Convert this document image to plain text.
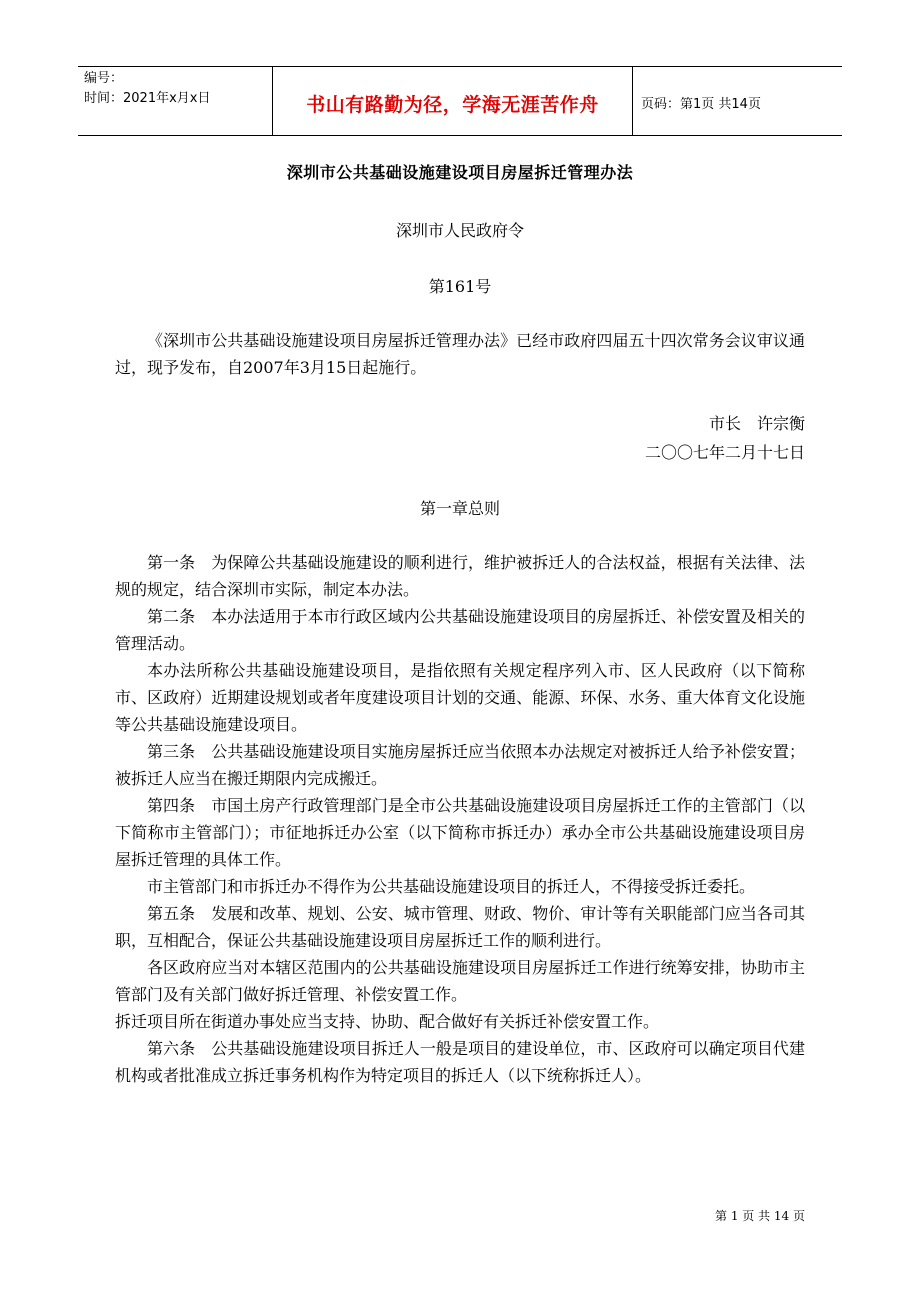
编号：
时间：2021年x月x日	书山有路勤为径，学海无涯苦作舟	页码：第1页 共14页
深圳市公共基础设施建设项目房屋拆迁管理办法
深圳市人民政府令
第161号

《深圳市公共基础设施建设项目房屋拆迁管理办法》已经市政府四届五十四次常务会议审议通过，现予发布，自2007年3月15日起施行。

市长　许宗衡
二〇〇七年二月十七日
第一章总则

第一条　为保障公共基础设施建设的顺利进行，维护被拆迁人的合法权益，根据有关法律、法规的规定，结合深圳市实际，制定本办法。

第二条　本办法适用于本市行政区域内公共基础设施建设项目的房屋拆迁、补偿安置及相关的管理活动。

本办法所称公共基础设施建设项目，是指依照有关规定程序列入市、区人民政府（以下简称市、区政府）近期建设规划或者年度建设项目计划的交通、能源、环保、水务、重大体育文化设施等公共基础设施建设项目。

第三条　公共基础设施建设项目实施房屋拆迁应当依照本办法规定对被拆迁人给予补偿安置；被拆迁人应当在搬迁期限内完成搬迁。

第四条　市国土房产行政管理部门是全市公共基础设施建设项目房屋拆迁工作的主管部门（以下简称市主管部门）；市征地拆迁办公室（以下简称市拆迁办）承办全市公共基础设施建设项目房屋拆迁管理的具体工作。

市主管部门和市拆迁办不得作为公共基础设施建设项目的拆迁人，不得接受拆迁委托。

第五条　发展和改革、规划、公安、城市管理、财政、物价、审计等有关职能部门应当各司其职，互相配合，保证公共基础设施建设项目房屋拆迁工作的顺利进行。

各区政府应当对本辖区范围内的公共基础设施建设项目房屋拆迁工作进行统筹安排，协助市主管部门及有关部门做好拆迁管理、补偿安置工作。

拆迁项目所在街道办事处应当支持、协助、配合做好有关拆迁补偿安置工作。

第六条　公共基础设施建设项目拆迁人一般是项目的建设单位，市、区政府可以确定项目代建机构或者批准成立拆迁事务机构作为特定项目的拆迁人（以下统称拆迁人）。

第 1 页 共 14 页
